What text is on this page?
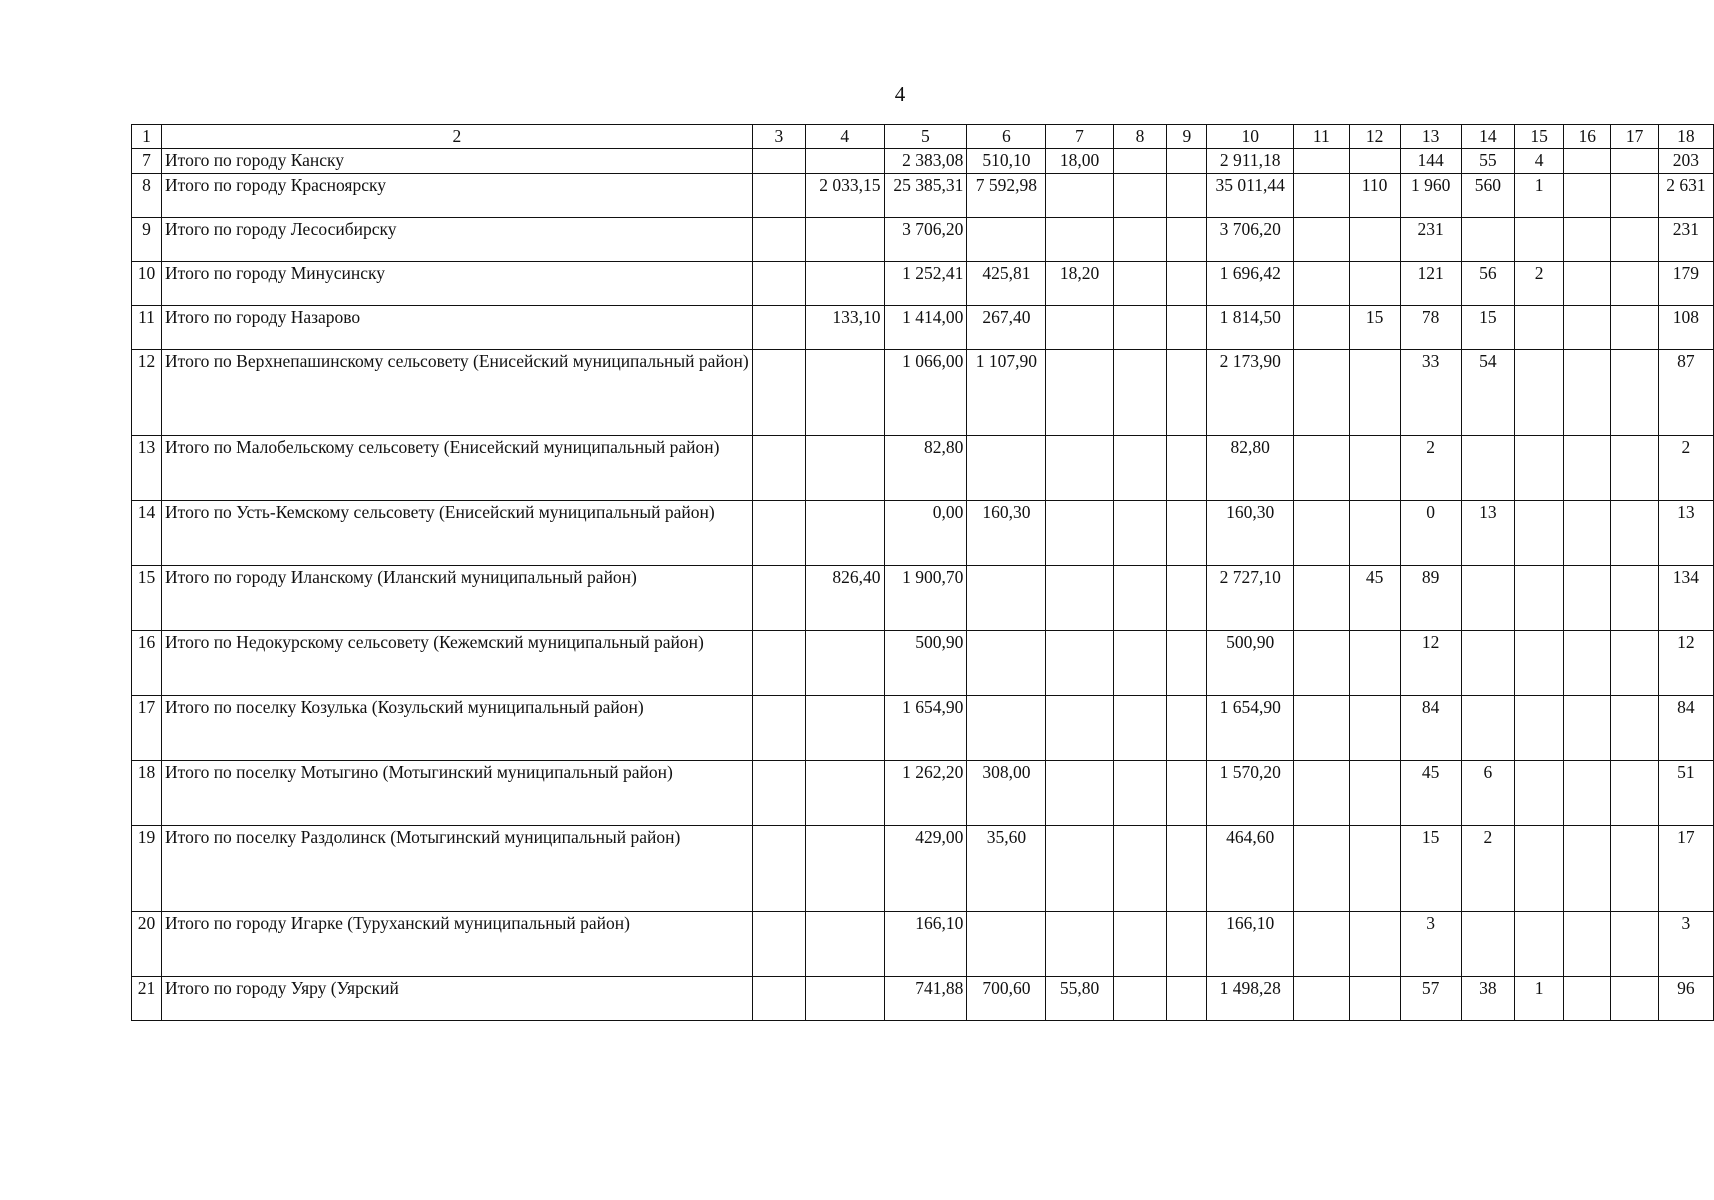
4
1	2	3	4	5	6	7	8	9	10	11	12	13	14	15	16	17	18
7	Итого по городу Канску			2 383,08	510,10	18,00			2 911,18			144	55	4			203
8	Итого по городу Красноярску		2 033,15	25 385,31	7 592,98				35 011,44		110	1 960	560	1			2 631
9	Итого по городу Лесосибирску			3 706,20					3 706,20			231					231
10	Итого по городу Минусинску			1 252,41	425,81	18,20			1 696,42			121	56	2			179
11	Итого по городу Назарово		133,10	1 414,00	267,40				1 814,50		15	78	15				108
12	Итого по Верхнепашинскому сельсовету (Енисейский муниципальный район)			1 066,00	1 107,90				2 173,90			33	54				87
13	Итого по Малобельскому сельсовету (Енисейский муниципальный район)			82,80					82,80			2					2
14	Итого по Усть-Кемскому сельсовету (Енисейский муниципальный район)			0,00	160,30				160,30			0	13				13
15	Итого по городу Иланскому (Иланский муниципальный район)		826,40	1 900,70					2 727,10		45	89					134
16	Итого по Недокурскому сельсовету (Кежемский муниципальный район)			500,90					500,90			12					12
17	Итого по поселку Козулька (Козульский муниципальный район)			1 654,90					1 654,90			84					84
18	Итого по поселку Мотыгино (Мотыгинский муниципальный район)			1 262,20	308,00				1 570,20			45	6				51
19	Итого по поселку Раздолинск (Мотыгинский муниципальный район)			429,00	35,60				464,60			15	2				17
20	Итого по городу Игарке (Туруханский муниципальный район)			166,10					166,10			3					3
21	Итого по городу Уяру (Уярский			741,88	700,60	55,80			1 498,28			57	38	1			96
